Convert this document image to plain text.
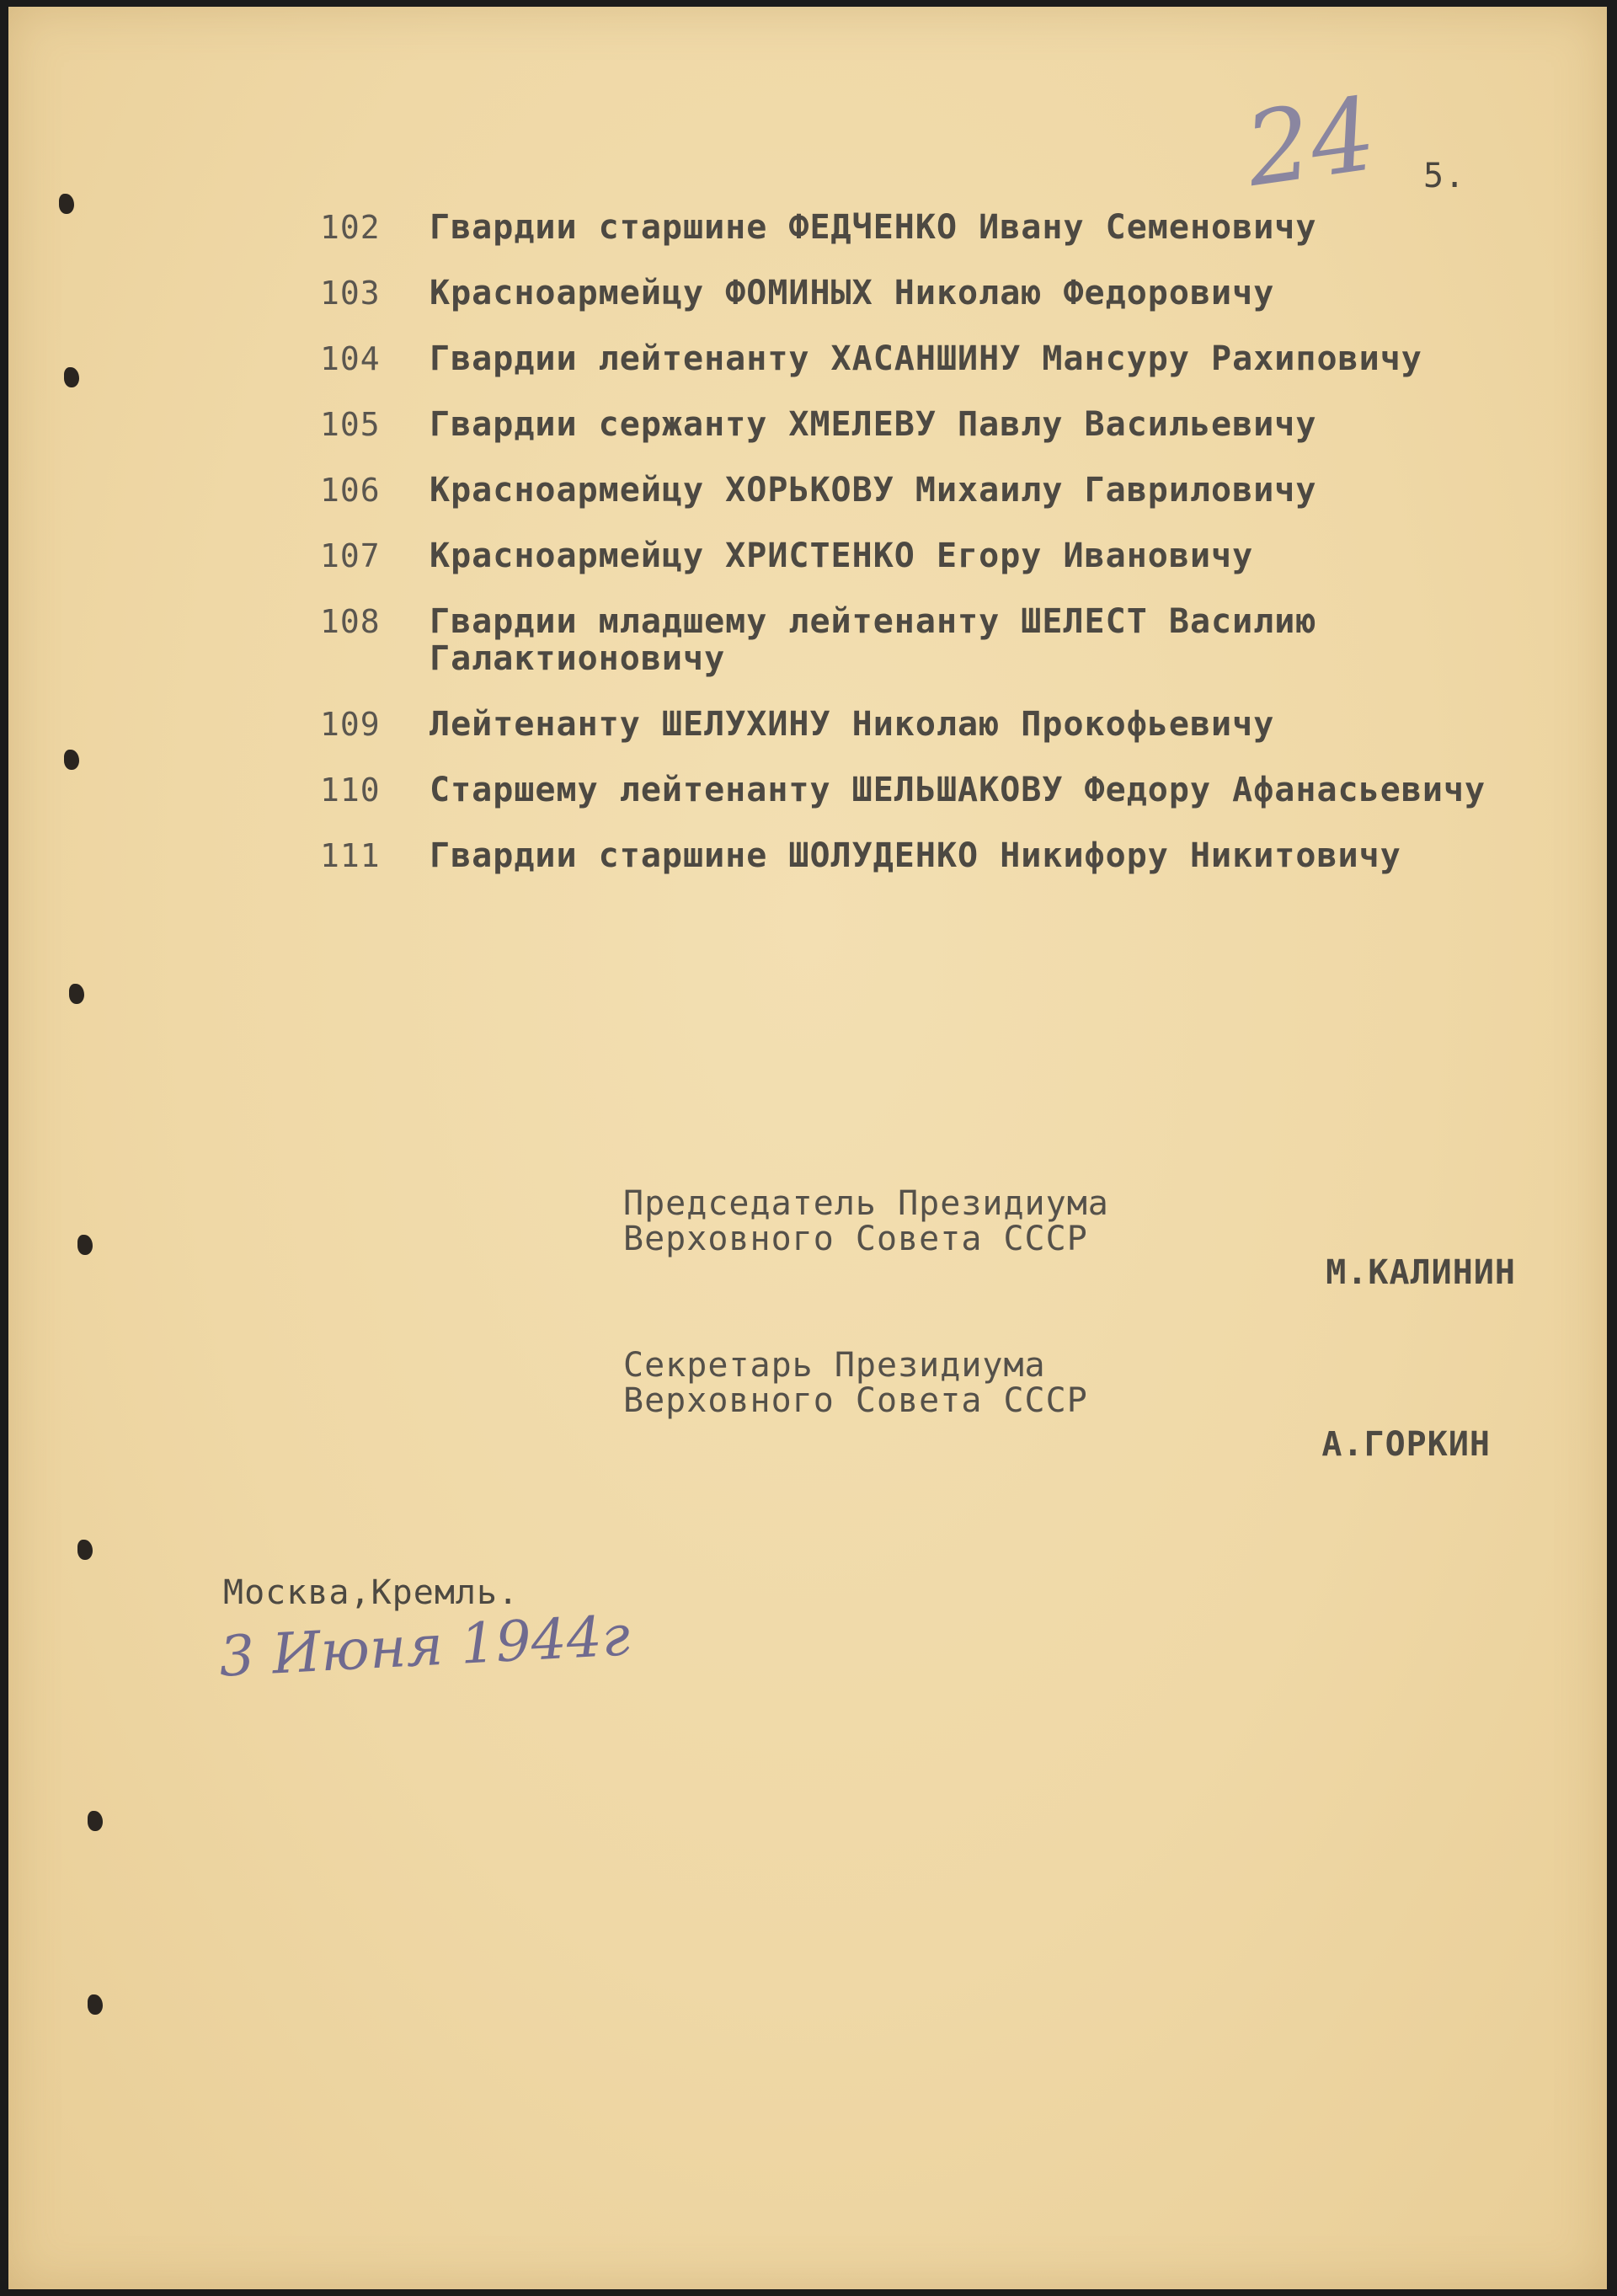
24 5.
102	Гвардии старшине ФЕДЧЕНКО Ивану Семеновичу
103	Красноармейцу ФОМИНЫХ Николаю Федоровичу
104	Гвардии лейтенанту ХАСАНШИНУ Мансуру Рахиповичу
105	Гвардии сержанту ХМЕЛЕВУ Павлу Васильевичу
106	Красноармейцу ХОРЬКОВУ Михаилу Гавриловичу
107	Красноармейцу ХРИСТЕНКО Егору Ивановичу
108	Гвардии младшему лейтенанту ШЕЛЕСТ Василию Галактионовичу
109	Лейтенанту ШЕЛУХИНУ Николаю Прокофьевичу
110	Старшему лейтенанту ШЕЛЬШАКОВУ Федору Афанасьевичу
111	Гвардии старшине ШОЛУДЕНКО Никифору Никитовичу
Председатель Президиума
Верховного Совета СССР
М.КАЛИНИН
Секретарь Президиума
Верховного Совета СССР
А.ГОРКИН
Москва,Кремль.
3 Июня 1944г
